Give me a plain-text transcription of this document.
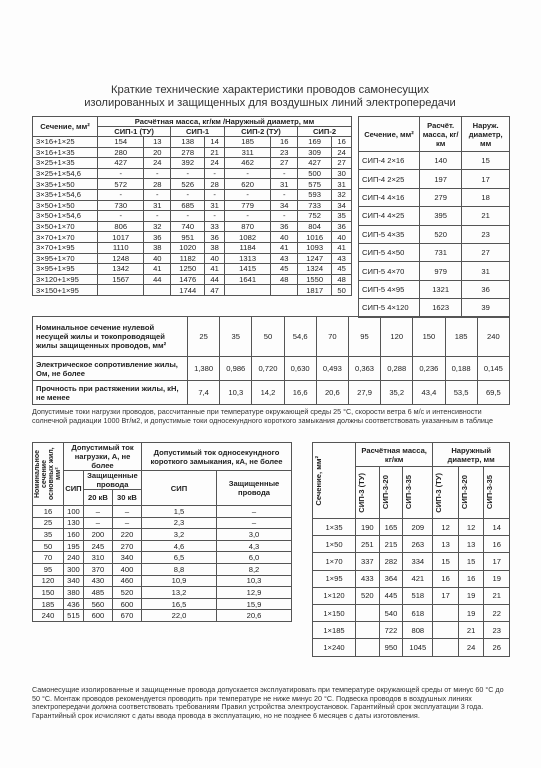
Краткие технические характеристики проводов самонесущих
изолированных и защищенных для воздушных линий электропередачи
Сечение, мм²	Расчётная масса, кг/км /Наружный диаметр, мм							
	СИП-1 (ТУ)		СИП-1		СИП-2 (ТУ)		СИП-2	
3×16+1×25	154	13	138	14	185	16	169	16
3×16+1×35	280	20	278	21	311	23	309	24
3×25+1×35	427	24	392	24	462	27	427	27
3×25+1×54,6	-	-	-	-	-	-	500	30
3×35+1×50	572	28	526	28	620	31	575	31
3×35+1×54,6	-	-	-	-	-	-	593	32
3×50+1×50	730	31	685	31	779	34	733	34
3×50+1×54,6	-	-	-	-	-	-	752	35
3×50+1×70	806	32	740	33	870	36	804	36
3×70+1×70	1017	36	951	36	1082	40	1016	40
3×70+1×95	1110	38	1020	38	1184	41	1093	41
3×95+1×70	1248	40	1182	40	1313	43	1247	43
3×95+1×95	1342	41	1250	41	1415	45	1324	45
3×120+1×95	1567	44	1476	44	1641	48	1550	48
3×150+1×95			1744	47			1817	50
Сечение, мм²	Расчёт. масса, кг/км	Наруж. диаметр, мм
СИП-4 2×16	140	15
СИП-4 2×25	197	17
СИП-4 4×16	279	18
СИП-4 4×25	395	21
СИП-5 4×35	520	23
СИП-5 4×50	731	27
СИП-5 4×70	979	31
СИП-5 4×95	1321	36
СИП-5 4×120	1623	39
Номинальное сечение нулевой несущей жилы и токопроводящей жилы защищенных проводов, мм²	25	35	50	54,6	70	95	120	150	185	240
Электрическое сопротивление жилы, Ом, не более	1,380	0,986	0,720	0,630	0,493	0,363	0,288	0,236	0,188	0,145
Прочность при растяжении жилы, кН, не менее	7,4	10,3	14,2	16,6	20,6	27,9	35,2	43,4	53,5	69,5
Допустимые токи нагрузки проводов, рассчитанные при температуре окружающей среды 25 °С, скорости ветра 6 м/с и интенсивности солнечной радиации 1000 Вт/м2, и допустимые токи односекундного короткого замыкания должны соответствовать указанным в таблице
Номинальное сечение основных жил, мм²	Допустимый ток нагрузки, А, не более			Допустимый ток односекундного короткого замыкания, кА, не более	
	СИП	Защищенные провода		СИП	Защищенные провода
		20 кВ	30 кВ		
16	100	–	–	1,5	–
25	130	–	–	2,3	–
35	160	200	220	3,2	3,0
50	195	245	270	4,6	4,3
70	240	310	340	6,5	6,0
95	300	370	400	8,8	8,2
120	340	430	460	10,9	10,3
150	380	485	520	13,2	12,9
185	436	560	600	16,5	15,9
240	515	600	670	22,0	20,6
Сечение, мм²	Расчётная масса, кг/км			Наружный диаметр, мм		

	СИП-3 (ТУ)	СИП-3-20	СИП-3-35	СИП-3 (ТУ)	СИП-3-20	СИП-3-35

1×35	190	165	209	12	12	14
1×50	251	215	263	13	13	16
1×70	337	282	334	15	15	17
1×95	433	364	421	16	16	19
1×120	520	445	518	17	19	21
1×150		540	618		19	22
1×185		722	808		21	23
1×240		950	1045		24	26
Самонесущие изолированные и защищенные провода допускается эксплуатировать при температуре окружающей среды от минус 60 °С до 50 °С. Монтаж проводов рекомендуется проводить при температуре не ниже минус 20 °С. Подвеска проводов в воздушных линиях электропередачи должна соответствовать требованиям Правил устройства электроустановок. Гарантийный срок эксплуатации 3 года. Гарантийный срок исчисляют с даты ввода провода в эксплуатацию, но не позднее 6 месяцев с даты изготовления.
